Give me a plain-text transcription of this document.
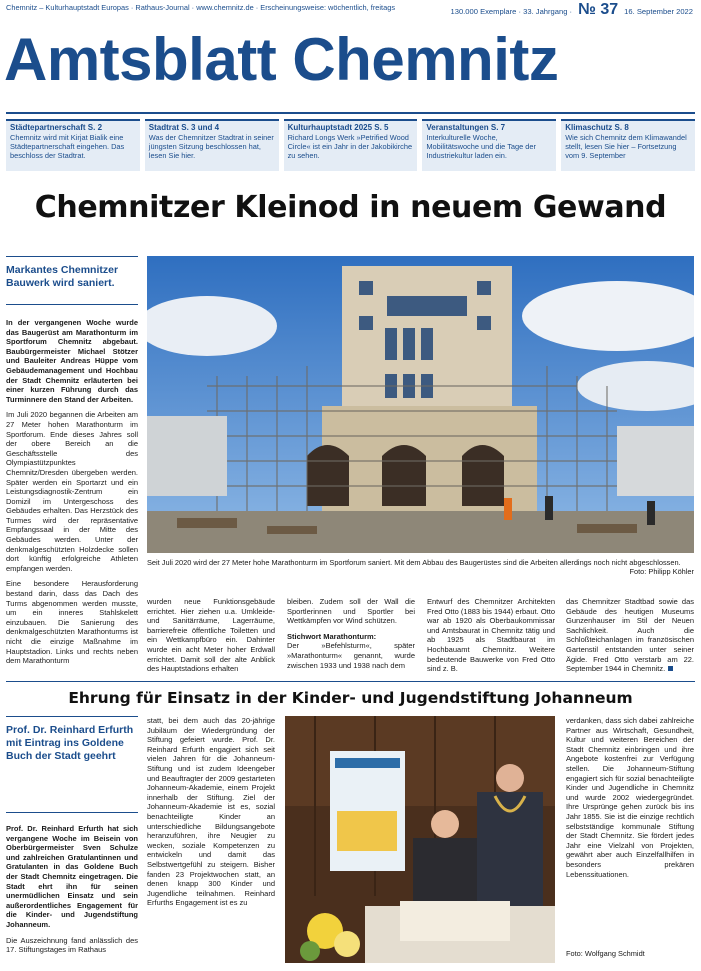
Chemnitz – Kulturhauptstadt Europas · Rathaus-Journal · www.chemnitz.de · Erscheinungsweise: wöchentlich, freitags	130.000 Exemplare · 33. Jahrgang · № 37 16. September 2022
Amtsblatt Chemnitz
Städtepartnerschaft S. 2
Chemnitz wird mit Kirjat Bialik eine Städtepartnerschaft eingehen. Das beschloss der Stadtrat.
Stadtrat S. 3 und 4
Was der Chemnitzer Stadtrat in seiner jüngsten Sitzung beschlossen hat, lesen Sie hier.
Kulturhauptstadt 2025 S. 5
Richard Longs Werk »Petrified Wood Circle« ist ein Jahr in der Jakobikirche zu sehen.
Veranstaltungen S. 7
Interkulturelle Woche, Mobilitätswoche und die Tage der Industriekultur laden ein.
Klimaschutz S. 8
Wie sich Chemnitz dem Klimawandel stellt, lesen Sie hier – Fortsetzung vom 9. September
Chemnitzer Kleinod in neuem Gewand
Markantes Chemnitzer Bauwerk wird saniert.

In der vergangenen Woche wurde das Baugerüst am Marathonturm im Sportforum Chemnitz abgebaut. Baubürgermeister Michael Stötzer und Bauleiter Andreas Hüppe vom Gebäudemanagement und Hochbau der Stadt Chemnitz erläuterten bei einer kurzen Führung durch das Turminnere den Stand der Arbeiten.

Im Juli 2020 begannen die Arbeiten am 27 Meter hohen Marathonturm im Sportforum. Ende dieses Jahres soll der obere Bereich an die Geschäftsstelle des Olympiastützpunktes Chemnitz/Dresden übergeben werden. Später werden ein Sportarzt und ein Leistungsdiagnostik-Zentrum ein Domizil im Untergeschoss des Gebäudes erhalten. Das Herzstück des Turmes wird der repräsentative Empfangssaal in der Mitte des Gebäudes werden. Unter der denkmalgeschützten Holzdecke sollen dort künftig erfolgreiche Athleten empfangen werden.

Eine besondere Herausforderung bestand darin, dass das Dach des Turms abgenommen werden musste, um ein inneres Stahlskelett einzubauen. Die Sanierung des denkmalgeschützten Marathonturms ist nicht die einzige Maßnahme im Hauptstadion. Links und rechts neben dem Marathonturm

Seit Juli 2020 wird der 27 Meter hohe Marathonturm im Sportforum saniert. Mit dem Abbau des Baugerüstes sind die Arbeiten allerdings noch nicht abgeschlossen.
Foto: Philipp Köhler
wurden neue Funktionsgebäude errichtet. Hier ziehen u.a. Umkleide- und Sanitärräume, Lagerräume, barrierefreie öffentliche Toiletten und ein Wettkampfbüro ein. Dahinter wurde ein acht Meter hoher Erdwall errichtet. Damit soll der alte Anblick des Hauptstadions erhalten

bleiben. Zudem soll der Wall die Sportlerinnen und Sportler bei Wettkämpfen vor Wind schützen.

Stichwort Marathonturm:
Der »Befehlsturm«, später »Marathonturm« genannt, wurde zwischen 1933 und 1938 nach dem
Entwurf des Chemnitzer Architekten Fred Otto (1883 bis 1944) erbaut. Otto war ab 1920 als Oberbaukommissar und Amtsbaurat in Chemnitz tätig und ab 1925 als Stadtbaurat im Hochbauamt Chemnitz. Weitere bedeutende Bauwerke von Fred Otto sind z. B.
das Chemnitzer Stadtbad sowie das Gebäude des heutigen Museums Gunzenhauser im Stil der Neuen Sachlichkeit. Auch die Schloßteichanlagen im französischen Gartenstil entstanden unter seiner Ägide. Fred Otto verstarb am 22. September 1944 in Chemnitz.
Ehrung für Einsatz in der Kinder- und Jugendstiftung Johanneum
Prof. Dr. Reinhard Erfurth mit Eintrag ins Goldene Buch der Stadt geehrt

Prof. Dr. Reinhard Erfurth hat sich vergangene Woche im Beisein von Oberbürgermeister Sven Schulze und zahlreichen Gratulantinnen und Gratulanten in das Goldene Buch der Stadt Chemnitz eingetragen. Die Stadt ehrt ihn für seinen unermüdlichen Einsatz und sein außerordentliches Engagement für die Kinder- und Jugendstiftung Johanneum.

Die Auszeichnung fand anlässlich des 17. Stiftungstages im Rathaus

statt, bei dem auch das 20-jährige Jubiläum der Wiedergründung der Stiftung gefeiert wurde. Prof. Dr. Reinhard Erfurth engagiert sich seit vielen Jahren für die Johanneum-Stiftung und ist zudem Ideengeber und Beauftragter der 2009 gestarteten Johanneum-Akademie, einem Projekt innerhalb der Stiftung. Ziel der Johanneum-Akademie ist es, sozial benachteiligte Kinder an unterschiedliche Bildungsangebote heranzuführen, ihre Neugier zu wecken, soziale Kompetenzen zu entwickeln und damit das Selbstwertgefühl zu steigern. Bisher fanden 23 Projektwochen statt, an denen knapp 300 Kinder und Jugendliche teilnahmen. Reinhard Erfurths Engagement ist es zu
Foto: Wolfgang Schmidt
verdanken, dass sich dabei zahlreiche Partner aus Wirtschaft, Gesundheit, Kultur und weiteren Bereichen der Stadt Chemnitz einbringen und ihre Angebote kostenfrei zur Verfügung stellen. Die Johanneum-Stiftung engagiert sich für sozial benachteiligte Kinder und Jugendliche in Chemnitz und wurde 2002 wiedergegründet. Ihre Ursprünge gehen zurück bis ins Jahr 1855. Sie ist die einzige rechtlich selbstständige kommunale Stiftung der Stadt Chemnitz. Sie fördert jedes Jahr eine Vielzahl von Projekten, gewährt aber auch Einzelfallhilfen in besonders prekären Lebenssituationen.
